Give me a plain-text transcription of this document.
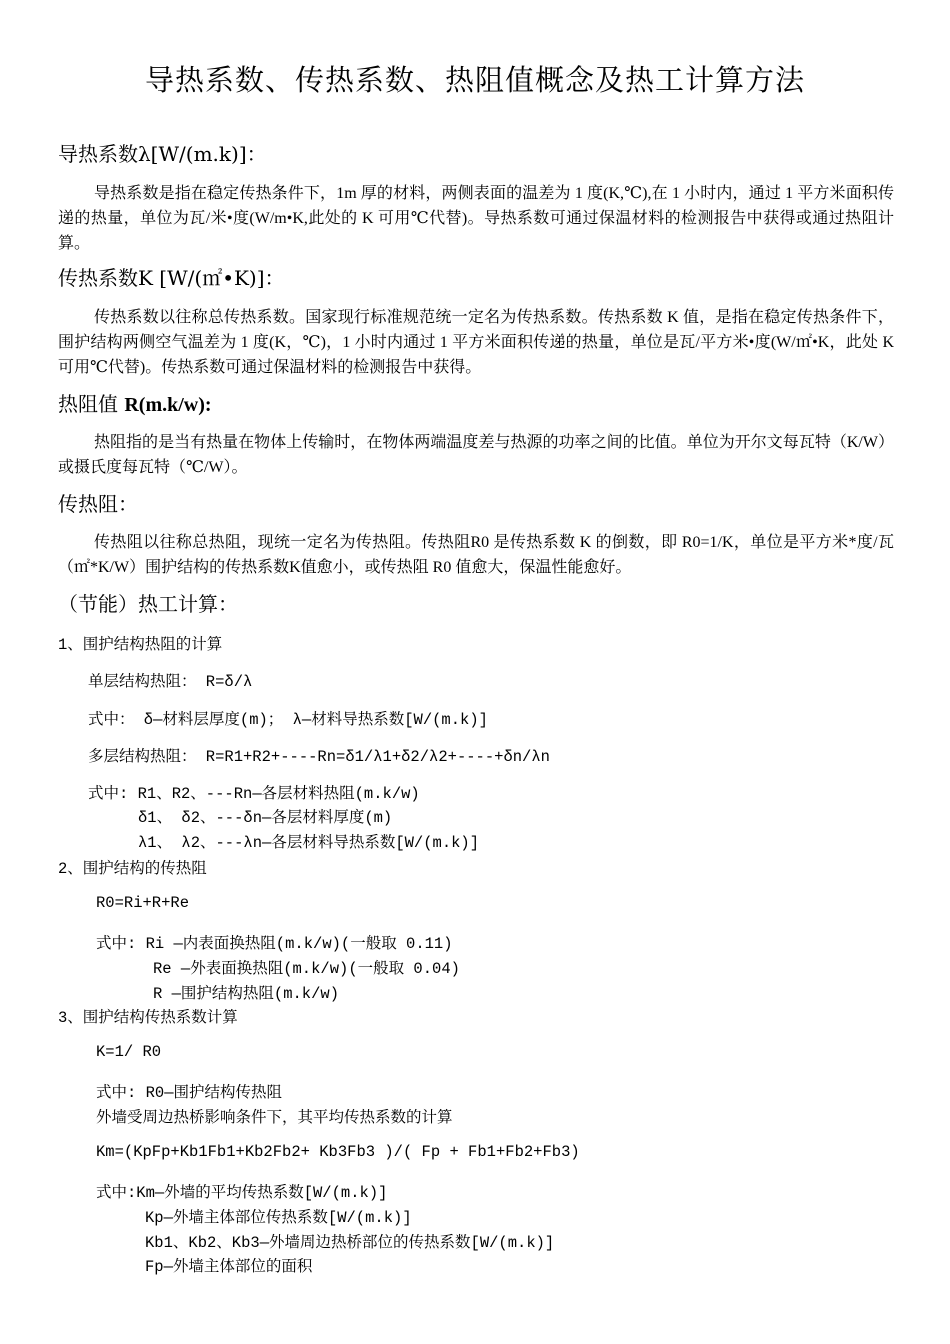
导热系数、传热系数、热阻值概念及热工计算方法
导热系数λ[W/(m.k)]：
导热系数是指在稳定传热条件下，1m 厚的材料，两侧表面的温差为 1 度(K,℃),在 1 小时内，通过 1 平方米面积传递的热量，单位为瓦/米•度(W/m•K,此处的 K 可用℃代替)。导热系数可通过保温材料的检测报告中获得或通过热阻计算。
传热系数K [W/(㎡•K)]：
传热系数以往称总传热系数。国家现行标准规范统一定名为传热系数。传热系数 K 值，是指在稳定传热条件下，围护结构两侧空气温差为 1 度(K，℃)，1 小时内通过 1 平方米面积传递的热量，单位是瓦/平方米•度(W/㎡•K，此处 K 可用℃代替)。传热系数可通过保温材料的检测报告中获得。
热阻值 R(m.k/w):
热阻指的是当有热量在物体上传输时，在物体两端温度差与热源的功率之间的比值。单位为开尔文每瓦特（K/W）或摄氏度每瓦特（℃/W）。
传热阻：
传热阻以往称总热阻，现统一定名为传热阻。传热阻R0 是传热系数 K 的倒数，即 R0=1/K，单位是平方米*度/瓦（㎡*K/W）围护结构的传热系数K值愈小，或传热阻 R0 值愈大，保温性能愈好。
（节能）热工计算：
1、围护结构热阻的计算
单层结构热阻： R=δ/λ
式中： δ—材料层厚度(m)； λ—材料导热系数[W/(m.k)]
多层结构热阻： R=R1+R2+----Rn=δ1/λ1+δ2/λ2+----+δn/λn
式中: R1、R2、---Rn—各层材料热阻(m.k/w)
δ1、 δ2、---δn—各层材料厚度(m)
λ1、 λ2、---λn—各层材料导热系数[W/(m.k)]
2、围护结构的传热阻
R0=Ri+R+Re
式中: Ri —内表面换热阻(m.k/w)(一般取 0.11)
Re —外表面换热阻(m.k/w)(一般取 0.04)
R —围护结构热阻(m.k/w)
3、围护结构传热系数计算
K=1/ R0
式中: R0—围护结构传热阻
外墙受周边热桥影响条件下，其平均传热系数的计算
Km=(KpFp+Kb1Fb1+Kb2Fb2+ Kb3Fb3 )/( Fp + Fb1+Fb2+Fb3)
式中:Km—外墙的平均传热系数[W/(m.k)]
Kp—外墙主体部位传热系数[W/(m.k)]
Kb1、Kb2、Kb3—外墙周边热桥部位的传热系数[W/(m.k)]
Fp—外墙主体部位的面积
